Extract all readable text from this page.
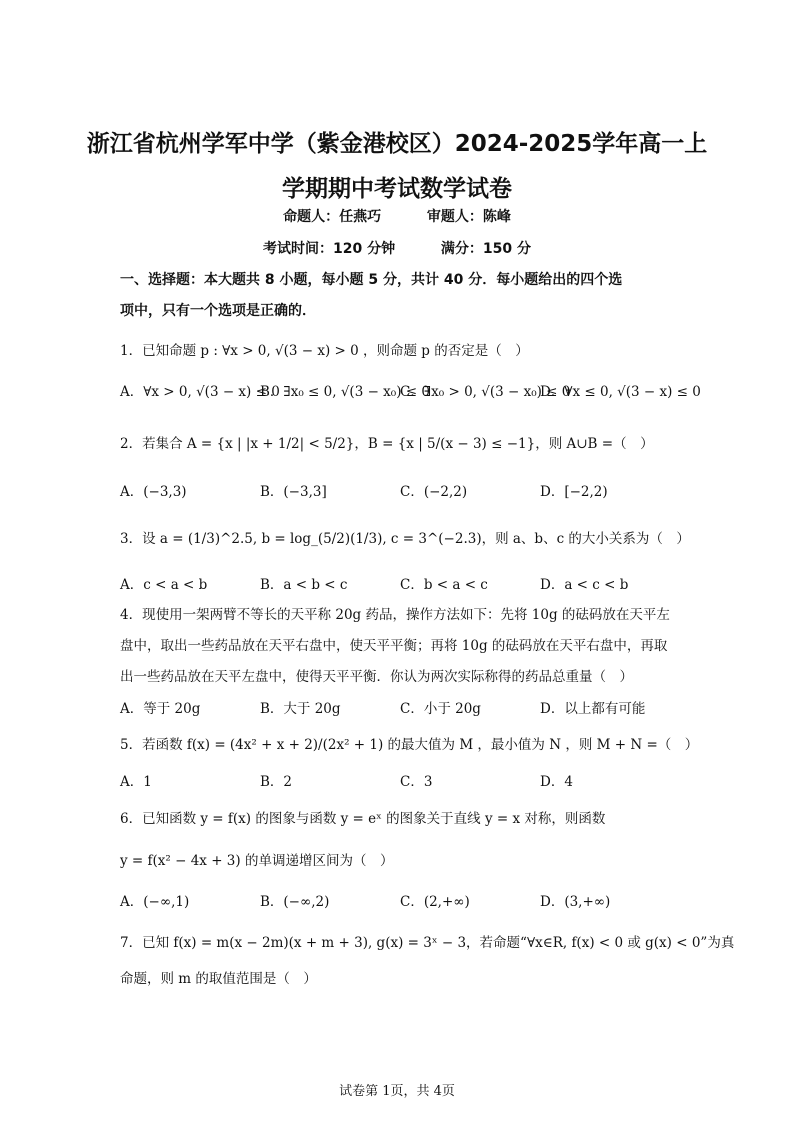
浙江省杭州学军中学（紫金港校区）2024-2025学年高一上
学期期中考试数学试卷
命题人：任燕巧	审题人：陈峰
考试时间：120 分钟	满分：150 分
一、选择题：本大题共 8 小题，每小题 5 分，共计 40 分．每小题给出的四个选
项中，只有一个选项是正确的．
1．已知命题 p : ∀x > 0, √(3 − x) > 0 ，则命题 p 的否定是（　）
A．∀x > 0, √(3 − x) ≤ 0
B．∃x₀ ≤ 0, √(3 − x₀) ≤ 0
C．∃x₀ > 0, √(3 − x₀) ≤ 0
D．∀x ≤ 0, √(3 − x) ≤ 0
2．若集合 A = {x | |x + 1/2| < 5/2}，B = {x | 5/(x − 3) ≤ −1}，则 A∪B =（　）
A．(−3,3)	B．(−3,3]	C．(−2,2)	D．[−2,2)
3．设 a = (1/3)^2.5, b = log_(5/2)(1/3), c = 3^(−2.3)，则 a、b、c 的大小关系为（　）
A．c < a < b	B．a < b < c	C．b < a < c	D．a < c < b
4．现使用一架两臂不等长的天平称 20g 药品，操作方法如下：先将 10g 的砝码放在天平左
盘中，取出一些药品放在天平右盘中，使天平平衡；再将 10g 的砝码放在天平右盘中，再取
出一些药品放在天平左盘中，使得天平平衡．你认为两次实际称得的药品总重量（　）
A．等于 20g	B．大于 20g	C．小于 20g	D．以上都有可能
5．若函数 f(x) = (4x² + x + 2)/(2x² + 1) 的最大值为 M ，最小值为 N ，则 M + N =（　）
A．1	B．2	C．3	D．4
6．已知函数 y = f(x) 的图象与函数 y = eˣ 的图象关于直线 y = x 对称，则函数
y = f(x² − 4x + 3) 的单调递增区间为（　）
A．(−∞,1)	B．(−∞,2)	C．(2,+∞)	D．(3,+∞)
7．已知 f(x) = m(x − 2m)(x + m + 3), g(x) = 3ˣ − 3，若命题“∀x∈R, f(x) < 0 或 g(x) < 0”为真
命题，则 m 的取值范围是（　）
试卷第 1页，共 4页
